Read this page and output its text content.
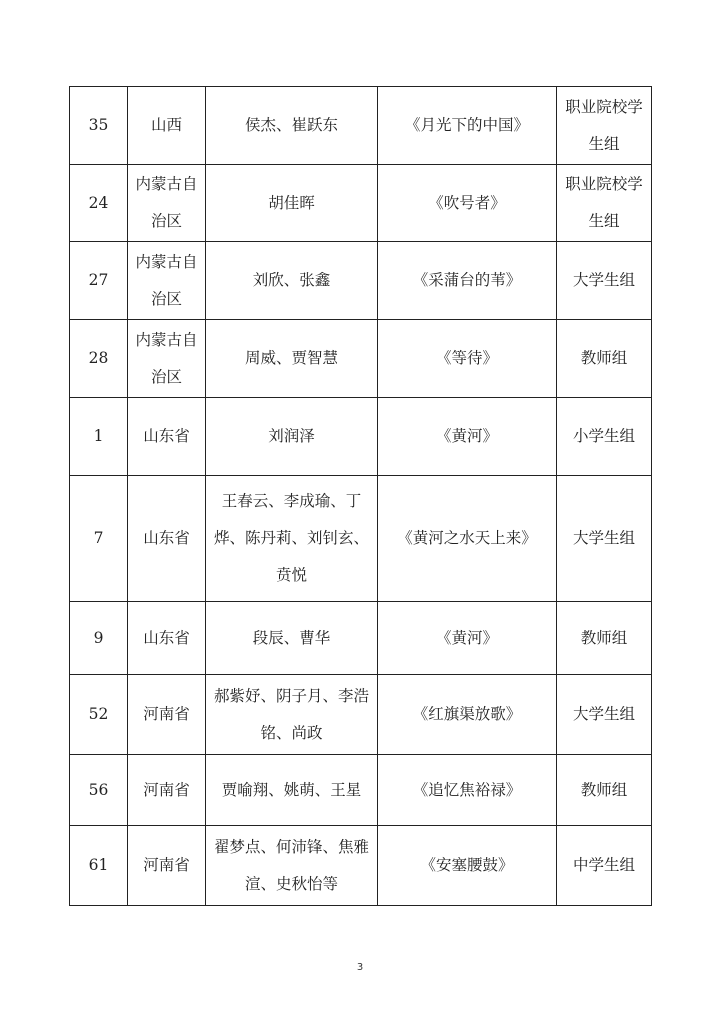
35	山西	侯杰、崔跃东	《月光下的中国》	职业院校学生组
24	内蒙古自治区	胡佳晖	《吹号者》	职业院校学生组
27	内蒙古自治区	刘欣、张鑫	《采蒲台的苇》	大学生组
28	内蒙古自治区	周威、贾智慧	《等待》	教师组
1	山东省	刘润泽	《黄河》	小学生组
7	山东省	王春云、李成瑜、丁烨、陈丹莉、刘钊玄、贲悦	《黄河之水天上来》	大学生组
9	山东省	段辰、曹华	《黄河》	教师组
52	河南省	郝紫妤、阴子月、李浩铭、尚政	《红旗渠放歌》	大学生组
56	河南省	贾喻翔、姚萌、王星	《追忆焦裕禄》	教师组
61	河南省	翟梦点、何沛锋、焦雅渲、史秋怡等	《安塞腰鼓》	中学生组
3
